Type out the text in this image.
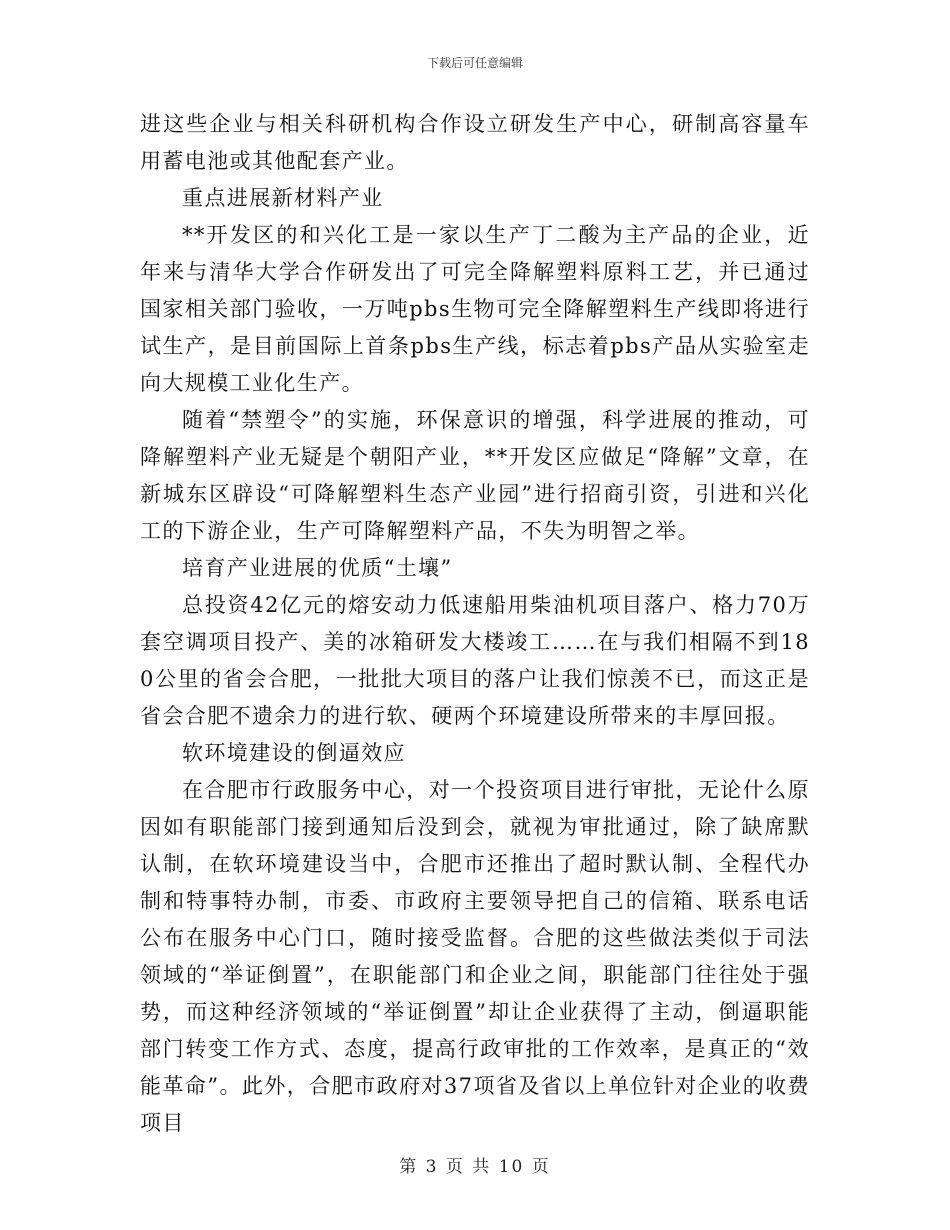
下载后可任意编辑

进这些企业与相关科研机构合作设立研发生产中心，研制高容量车用蓄电池或其他配套产业。

重点进展新材料产业

**开发区的和兴化工是一家以生产丁二酸为主产品的企业，近年来与清华大学合作研发出了可完全降解塑料原料工艺，并已通过国家相关部门验收，一万吨pbs生物可完全降解塑料生产线即将进行试生产，是目前国际上首条pbs生产线，标志着pbs产品从实验室走向大规模工业化生产。

随着“禁塑令”的实施，环保意识的增强，科学进展的推动，可降解塑料产业无疑是个朝阳产业，**开发区应做足“降解”文章，在新城东区辟设“可降解塑料生态产业园”进行招商引资，引进和兴化工的下游企业，生产可降解塑料产品，不失为明智之举。

培育产业进展的优质“土壤”

总投资42亿元的熔安动力低速船用柴油机项目落户、格力70万套空调项目投产、美的冰箱研发大楼竣工……在与我们相隔不到180公里的省会合肥，一批批大项目的落户让我们惊羡不已，而这正是省会合肥不遗余力的进行软、硬两个环境建设所带来的丰厚回报。

软环境建设的倒逼效应

在合肥市行政服务中心，对一个投资项目进行审批，无论什么原因如有职能部门接到通知后没到会，就视为审批通过，除了缺席默认制，在软环境建设当中，合肥市还推出了超时默认制、全程代办制和特事特办制，市委、市政府主要领导把自己的信箱、联系电话公布在服务中心门口，随时接受监督。合肥的这些做法类似于司法领域的“举证倒置”，在职能部门和企业之间，职能部门往往处于强势，而这种经济领域的“举证倒置”却让企业获得了主动，倒逼职能部门转变工作方式、态度，提高行政审批的工作效率，是真正的“效能革命”。此外，合肥市政府对37项省及省以上单位针对企业的收费项目

第 3 页 共 10 页
